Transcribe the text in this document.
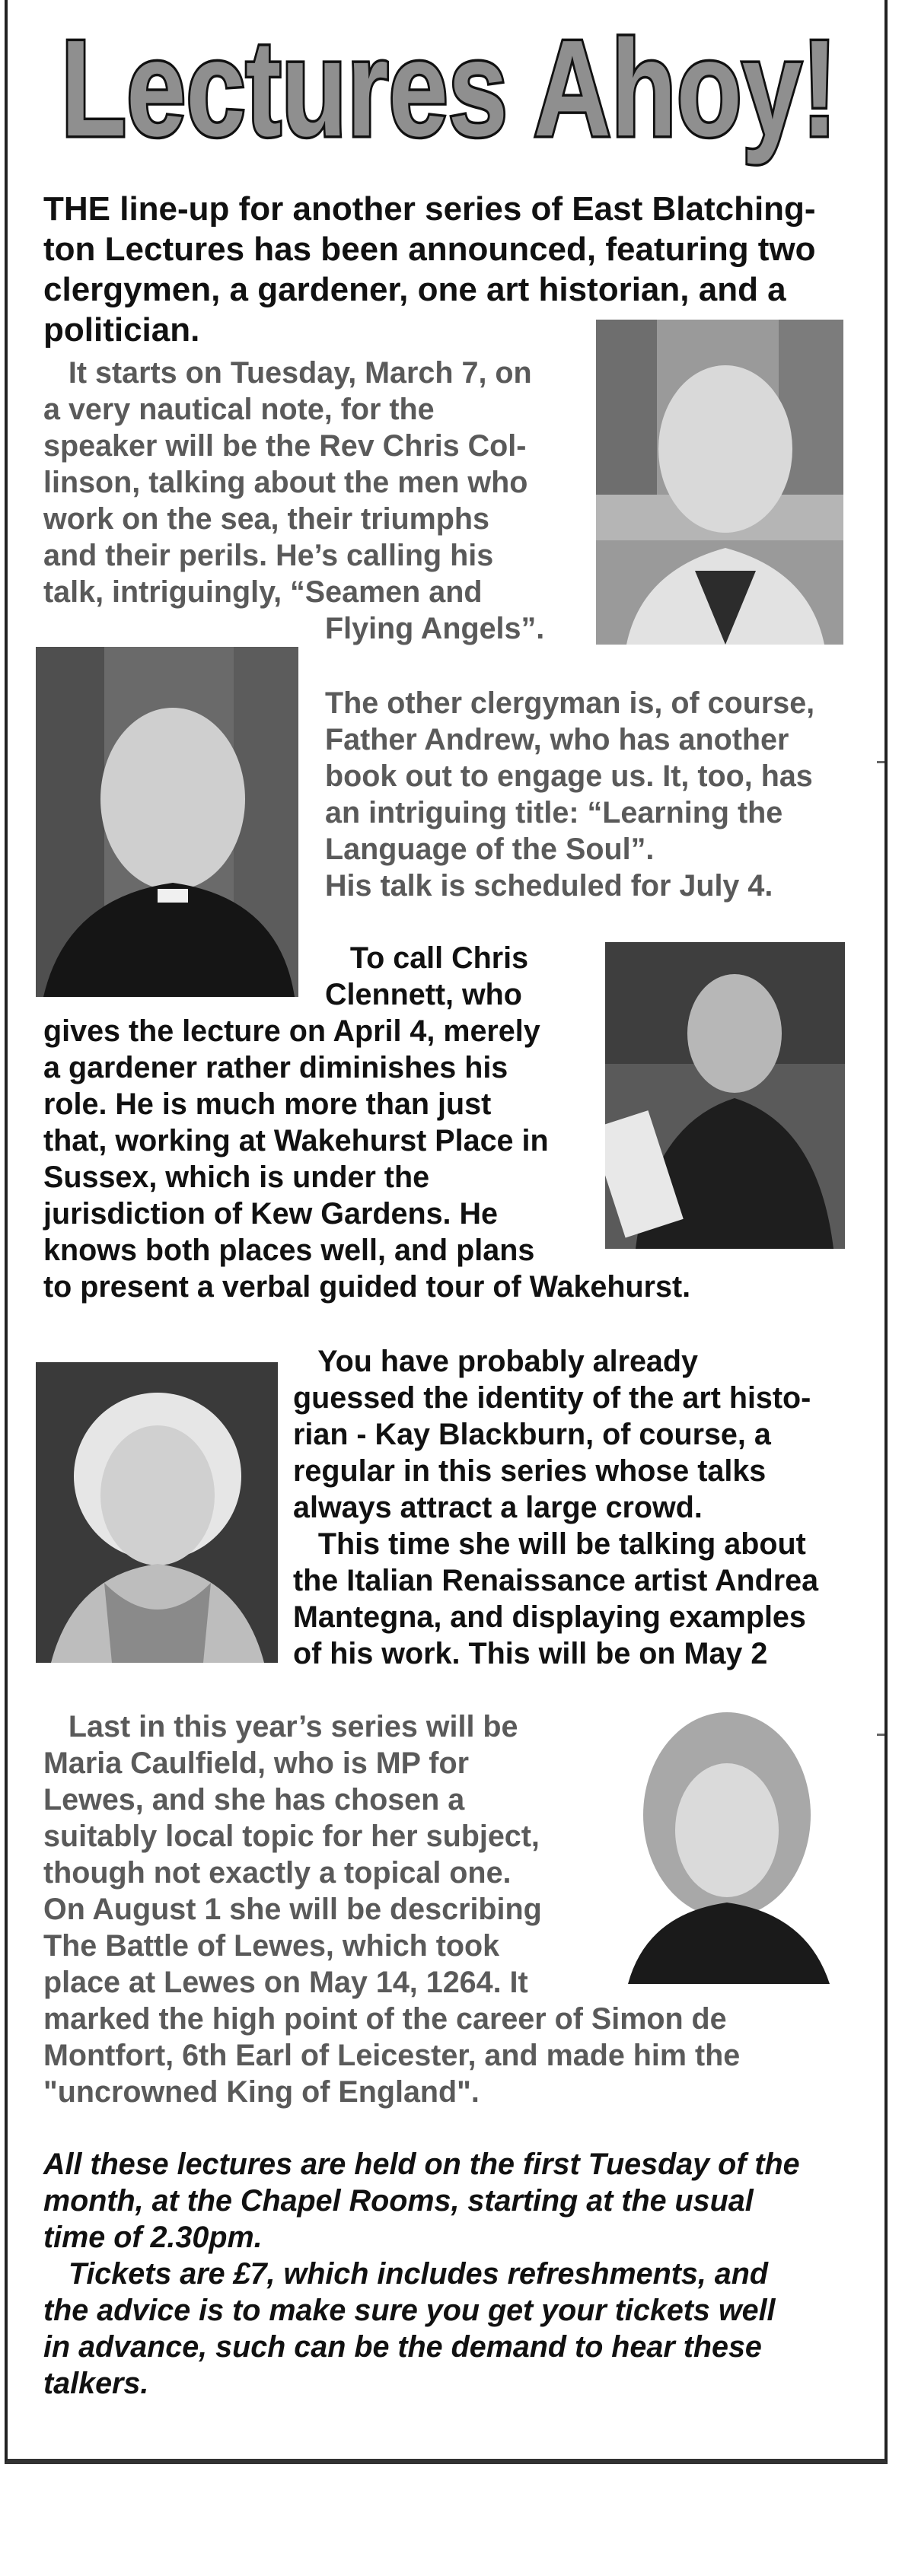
Lectures Ahoy!
THE line-up for another series of East Blatching-
ton Lectures has been announced, featuring two
clergymen, a gardener, one art historian, and a
politician.
It starts on Tuesday, March 7, on
a very nautical note, for the
speaker will be the Rev Chris Col-
linson, talking about the men who
work on the sea, their triumphs
and their perils. He’s calling his
talk, intriguingly, “Seamen and
Flying Angels”.
The other clergyman is, of course,
Father Andrew, who has another
book out to engage us. It, too, has
an intriguing title: “Learning the
Language of the Soul”.
His talk is scheduled for July 4.
To call Chris
Clennett, who
gives the lecture on April 4, merely
a gardener rather diminishes his
role. He is much more than just
that, working at Wakehurst Place in
Sussex, which is under the
jurisdiction of Kew Gardens. He
knows both places well, and plans
to present a verbal guided tour of Wakehurst.
You have probably already
guessed the identity of the art histo-
rian - Kay Blackburn, of course, a
regular in this series whose talks
always attract a large crowd.
This time she will be talking about
the Italian Renaissance artist Andrea
Mantegna, and displaying examples
of his work. This will be on May 2
Last in this year’s series will be
Maria Caulfield, who is MP for
Lewes, and she has chosen a
suitably local topic for her subject,
though not exactly a topical one.
On August 1 she will be describing
The Battle of Lewes, which took
place at Lewes on May 14, 1264. It
marked the high point of the career of Simon de
Montfort, 6th Earl of Leicester, and made him the
"uncrowned King of England".
All these lectures are held on the first Tuesday of the
month, at the Chapel Rooms, starting at the usual
time of 2.30pm.
Tickets are £7, which includes refreshments, and
the advice is to make sure you get your tickets well
in advance, such can be the demand to hear these
talkers.
